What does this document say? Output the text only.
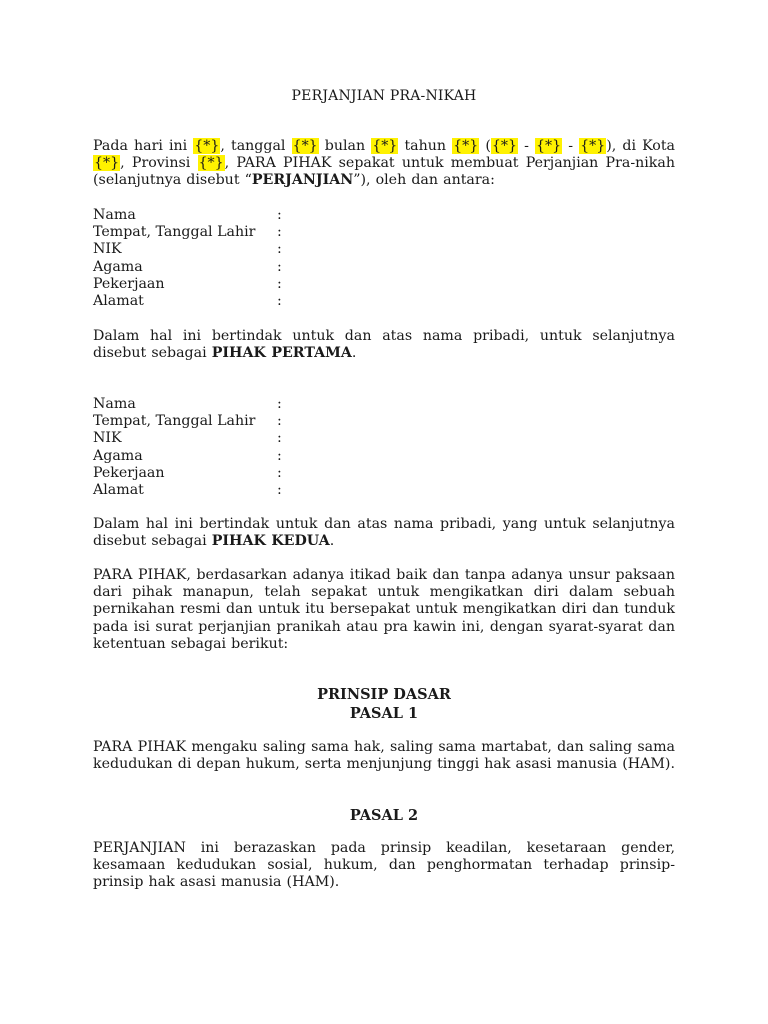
PERJANJIAN PRA-NIKAH
Pada hari ini {*}, tanggal {*} bulan {*} tahun {*} ({*} - {*} - {*}), di Kota {*}, Provinsi {*}, PARA PIHAK sepakat untuk membuat Perjanjian Pra-nikah (selanjutnya disebut “PERJANJIAN”), oleh dan antara:
Nama	:
Tempat, Tanggal Lahir :
NIK	:
Agama	:
Pekerjaan	:
Alamat	:
Dalam hal ini bertindak untuk dan atas nama pribadi, untuk selanjutnya disebut sebagai PIHAK PERTAMA.
Nama	:
Tempat, Tanggal Lahir :
NIK	:
Agama	:
Pekerjaan	:
Alamat	:
Dalam hal ini bertindak untuk dan atas nama pribadi, yang untuk selanjutnya disebut sebagai PIHAK KEDUA.
PARA PIHAK, berdasarkan adanya itikad baik dan tanpa adanya unsur paksaan dari pihak manapun, telah sepakat untuk mengikatkan diri dalam sebuah pernikahan resmi dan untuk itu bersepakat untuk mengikatkan diri dan tunduk pada isi surat perjanjian pranikah atau pra kawin ini, dengan syarat-syarat dan ketentuan sebagai berikut:
PRINSIP DASAR
PASAL 1
PARA PIHAK mengaku saling sama hak, saling sama martabat, dan saling sama kedudukan di depan hukum, serta menjunjung tinggi hak asasi manusia (HAM).
PASAL 2
PERJANJIAN ini berazaskan pada prinsip keadilan, kesetaraan gender, kesamaan kedudukan sosial, hukum, dan penghormatan terhadap prinsip-prinsip hak asasi manusia (HAM).
